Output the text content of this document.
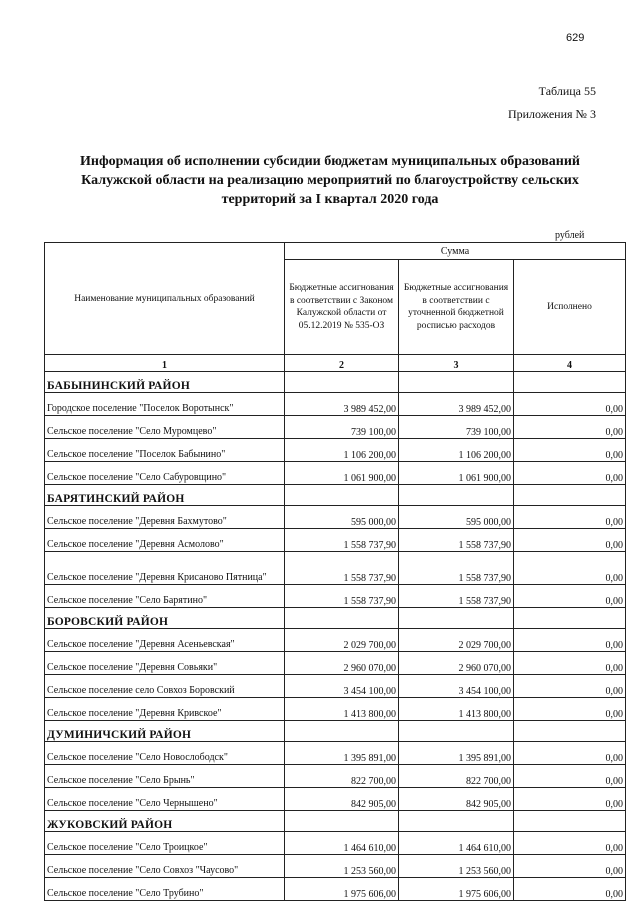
629
Таблица 55
Приложения № 3
Информация об исполнении субсидии бюджетам муниципальных образований
Калужской области на реализацию мероприятий по благоустройству сельских
территорий за I квартал 2020 года
рублей
Наименование муниципальных образований	Сумма		
	Бюджетные ассигнования в соответствии с Законом Калужской области от 05.12.2019 № 535-ОЗ	Бюджетные ассигнования в соответствии с уточненной бюджетной росписью расходов	Исполнено
1	2	3	4
БАБЫНИНСКИЙ РАЙОН			
Городское поселение "Поселок Воротынск"	3 989 452,00	3 989 452,00	0,00
Сельское поселение "Село Муромцево"	739 100,00	739 100,00	0,00
Сельское поселение "Поселок Бабынино"	1 106 200,00	1 106 200,00	0,00
Сельское поселение "Село Сабуровщино"	1 061 900,00	1 061 900,00	0,00
БАРЯТИНСКИЙ РАЙОН			
Сельское поселение "Деревня Бахмутово"	595 000,00	595 000,00	0,00
Сельское поселение "Деревня Асмолово"	1 558 737,90	1 558 737,90	0,00
Сельское поселение "Деревня Крисаново Пятница"	1 558 737,90	1 558 737,90	0,00
Сельское поселение "Село Барятино"	1 558 737,90	1 558 737,90	0,00
БОРОВСКИЙ РАЙОН			
Сельское поселение "Деревня Асеньевская"	2 029 700,00	2 029 700,00	0,00
Сельское поселение "Деревня Совьяки"	2 960 070,00	2 960 070,00	0,00
Сельское поселение село Совхоз Боровский	3 454 100,00	3 454 100,00	0,00
Сельское поселение "Деревня Кривское"	1 413 800,00	1 413 800,00	0,00
ДУМИНИЧСКИЙ РАЙОН			
Сельское поселение "Село Новослободск"	1 395 891,00	1 395 891,00	0,00
Сельское поселение "Село Брынь"	822 700,00	822 700,00	0,00
Сельское поселение "Село Чернышено"	842 905,00	842 905,00	0,00
ЖУКОВСКИЙ РАЙОН			
Сельское поселение "Село Троицкое"	1 464 610,00	1 464 610,00	0,00
Сельское поселение "Село Совхоз "Чаусово"	1 253 560,00	1 253 560,00	0,00
Сельское поселение "Село Трубино"	1 975 606,00	1 975 606,00	0,00
